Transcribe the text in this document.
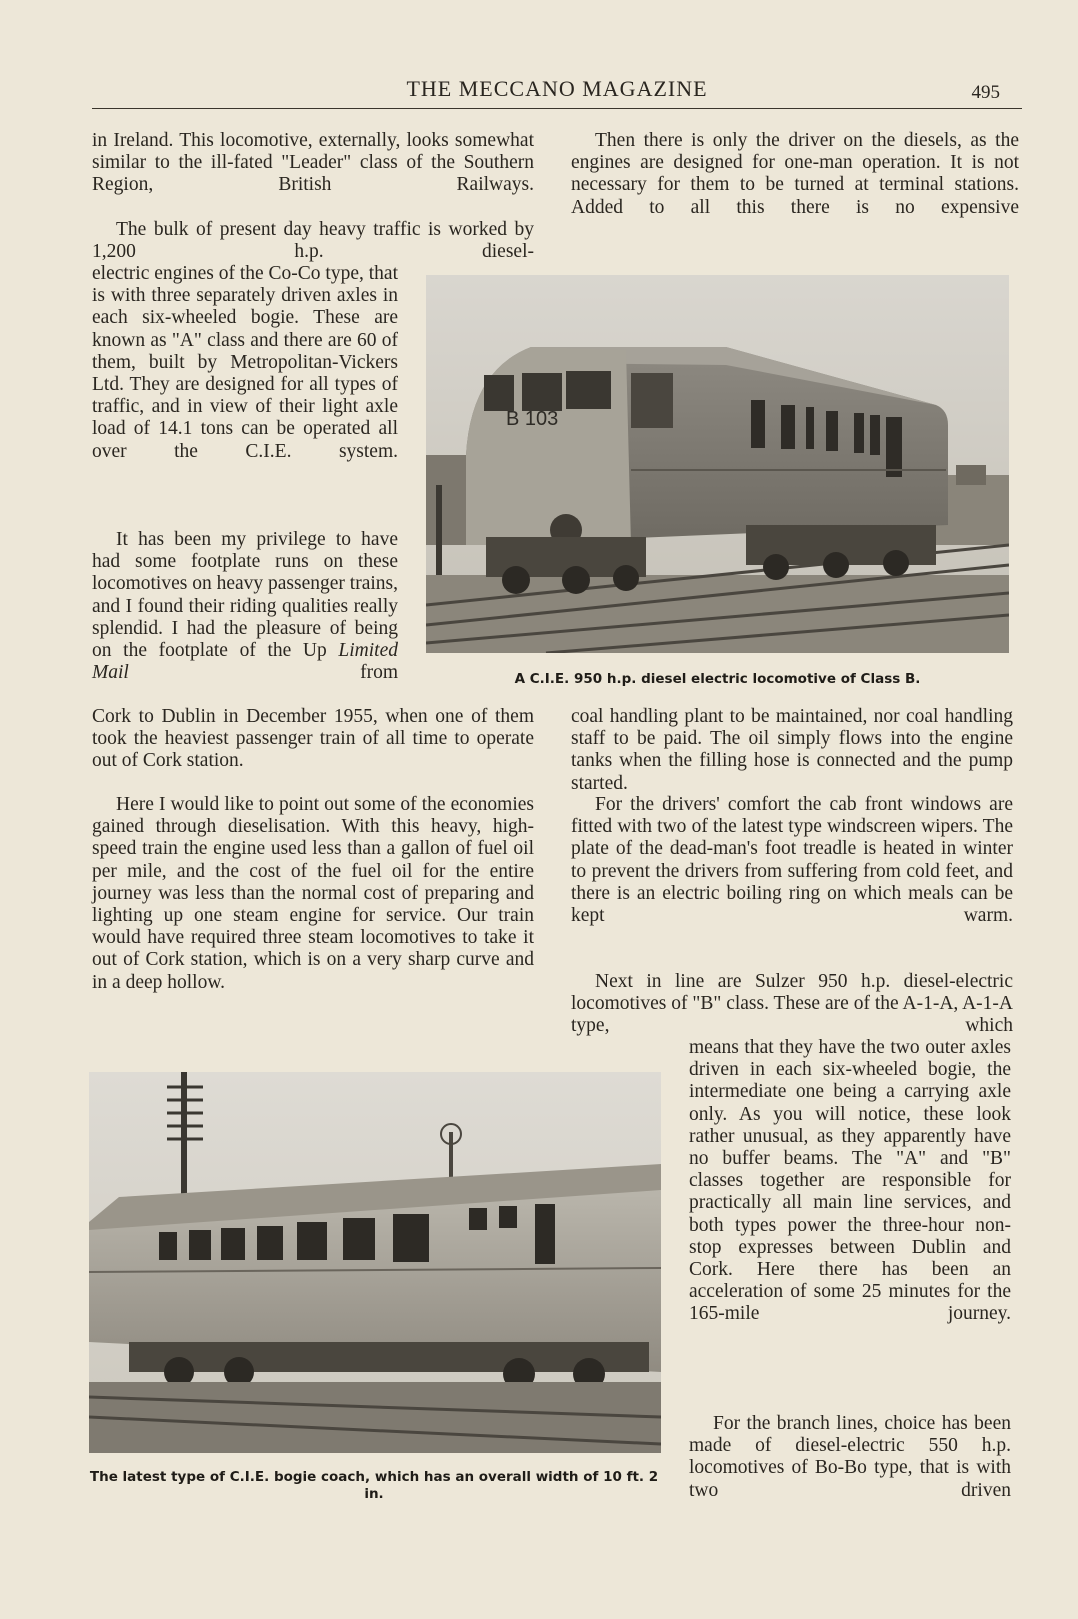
THE MECCANO MAGAZINE	495

in Ireland. This locomotive, externally, looks somewhat similar to the ill-fated "Leader" class of the Southern Region, British Railways.

The bulk of present day heavy traffic is worked by 1,200 h.p. diesel-

electric engines of the Co-Co type, that is with three separately driven axles in each six-wheeled bogie. These are known as "A" class and there are 60 of them, built by Metropolitan-Vickers Ltd. They are designed for all types of traffic, and in view of their light axle load of 14.1 tons can be operated all over the C.I.E. system.

It has been my privilege to have had some footplate runs on these locomotives on heavy passenger trains, and I found their riding qualities really splendid. I had the pleasure of being on the footplate of the Up Limited Mail	from

Cork to Dublin in December 1955, when one of them took the heaviest passenger train of all time to operate out of Cork station.

Here I would like to point out some of the economies gained through dieselisation. With this heavy, high-speed train the engine used less than a gallon of fuel oil per mile, and the cost of the fuel oil for the entire journey was less than the normal cost of preparing and lighting up one steam engine for service. Our train would have required three steam locomotives to take it out of Cork station, which is on a very sharp curve and in a deep hollow.

Then there is only the driver on the diesels, as the engines are designed for one-man operation. It is not necessary for them to be turned at terminal stations. Added to all this there is no expensive

coal handling plant to be maintained, nor coal handling staff to be paid. The oil simply flows into the engine tanks when the filling hose is connected and the pump started.

For the drivers' comfort the cab front windows are fitted with two of the latest type windscreen wipers. The plate of the dead-man's foot treadle is heated in winter to prevent the drivers from suffering from cold feet, and there is an electric boiling ring on which meals can be kept warm.

Next in line are Sulzer 950 h.p. diesel-electric locomotives of "B" class. These are of the A-1-A, A-1-A type, which

means that they have the two outer axles driven in each six-wheeled bogie, the intermediate one being a carrying axle only. As you will notice, these look rather unusual, as they apparently have no buffer beams. The "A" and "B" classes together are responsible for practically all main line services, and both types power the three-hour non-stop expresses between Dublin and Cork. Here there has been an acceleration of some 25 minutes for the 165-mile journey.

For the branch lines, choice has been made of diesel-electric 550 h.p. locomotives of Bo-Bo type, that is with two driven

B 103

A C.I.E. 950 h.p. diesel electric locomotive of Class B.

The latest type of C.I.E. bogie coach, which has an overall width of 10 ft. 2 in.
